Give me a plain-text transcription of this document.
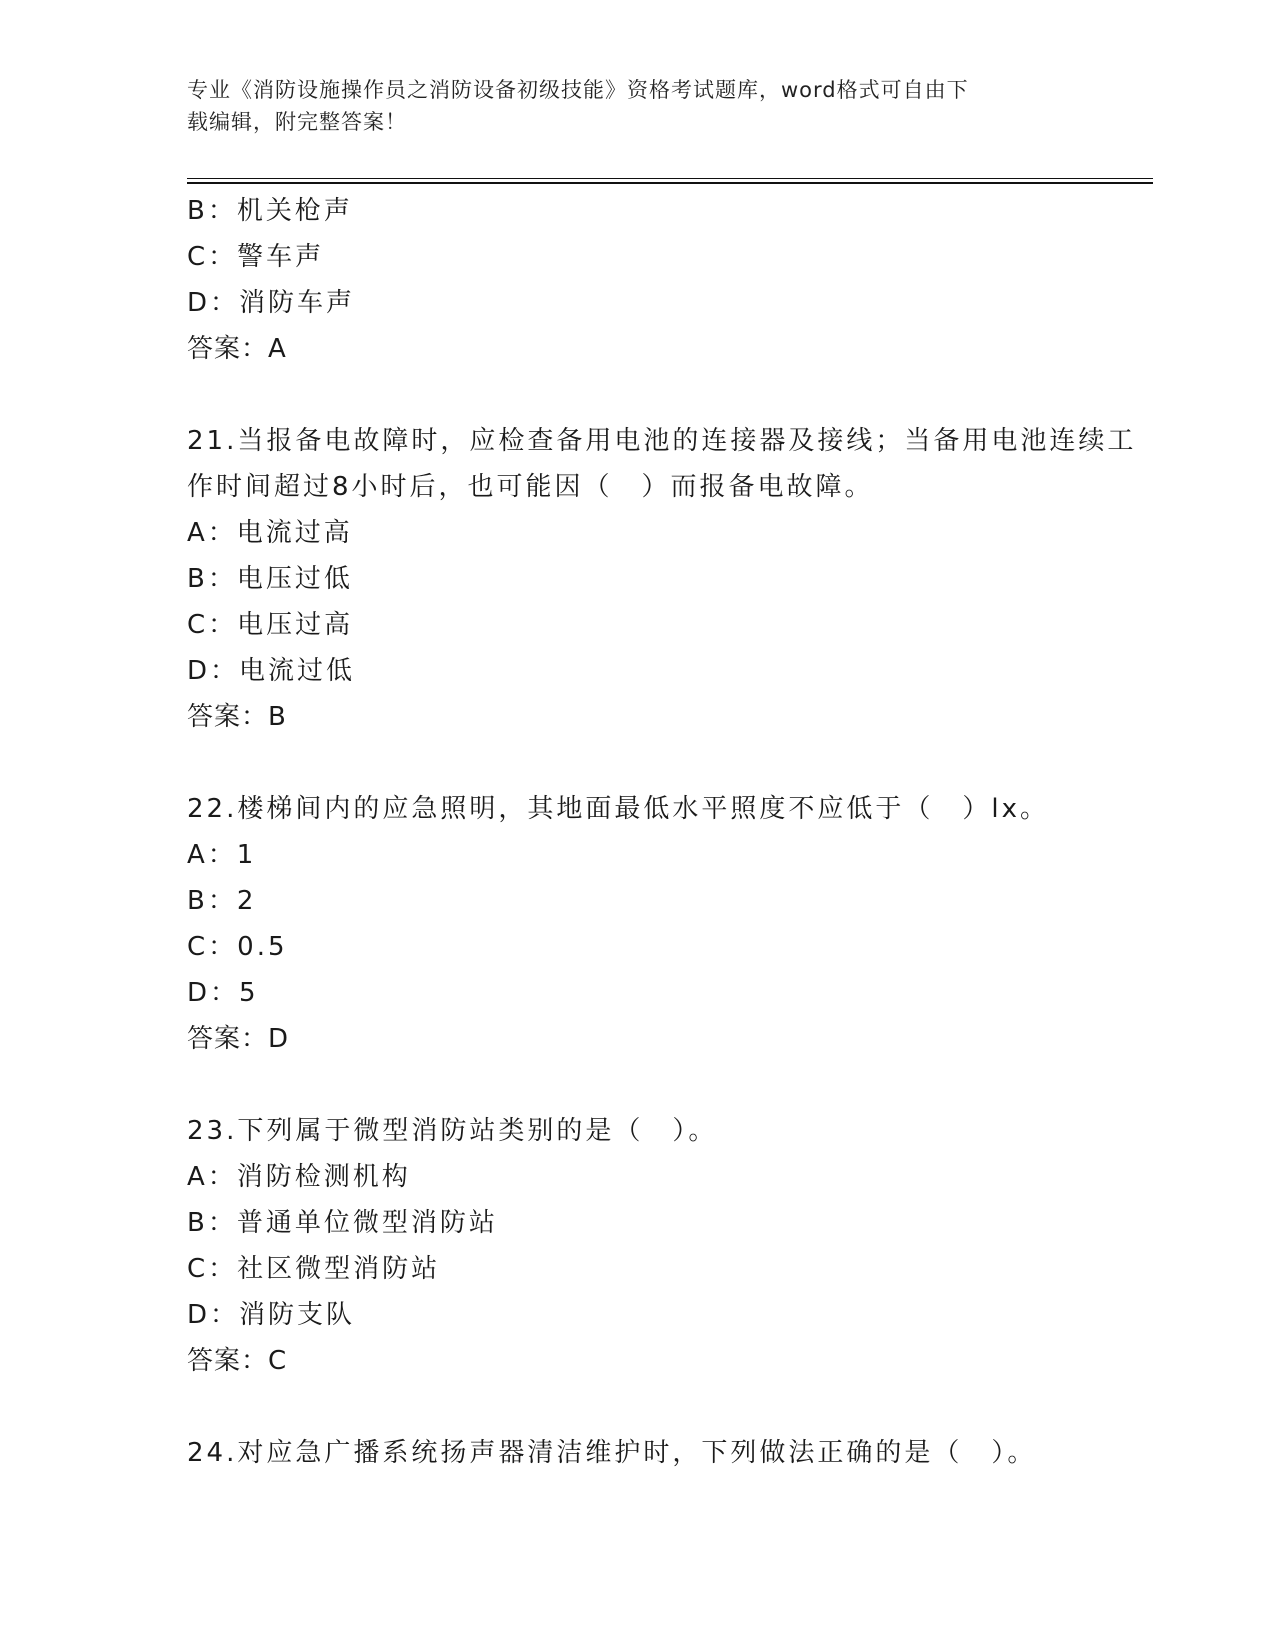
专业《消防设施操作员之消防设备初级技能》资格考试题库，word格式可自由下
载编辑，附完整答案！
B：机关枪声
C：警车声
D：消防车声
答案：A
21.当报备电故障时，应检查备用电池的连接器及接线；当备用电池连续工作时间超过8小时后，也可能因（　）而报备电故障。
A：电流过高
B：电压过低
C：电压过高
D：电流过低
答案：B
22.楼梯间内的应急照明，其地面最低水平照度不应低于（　）lx。
A：1
B：2
C：0.5
D：5
答案：D
23.下列属于微型消防站类别的是（　）。
A：消防检测机构
B：普通单位微型消防站
C：社区微型消防站
D：消防支队
答案：C
24.对应急广播系统扬声器清洁维护时，下列做法正确的是（　）。
